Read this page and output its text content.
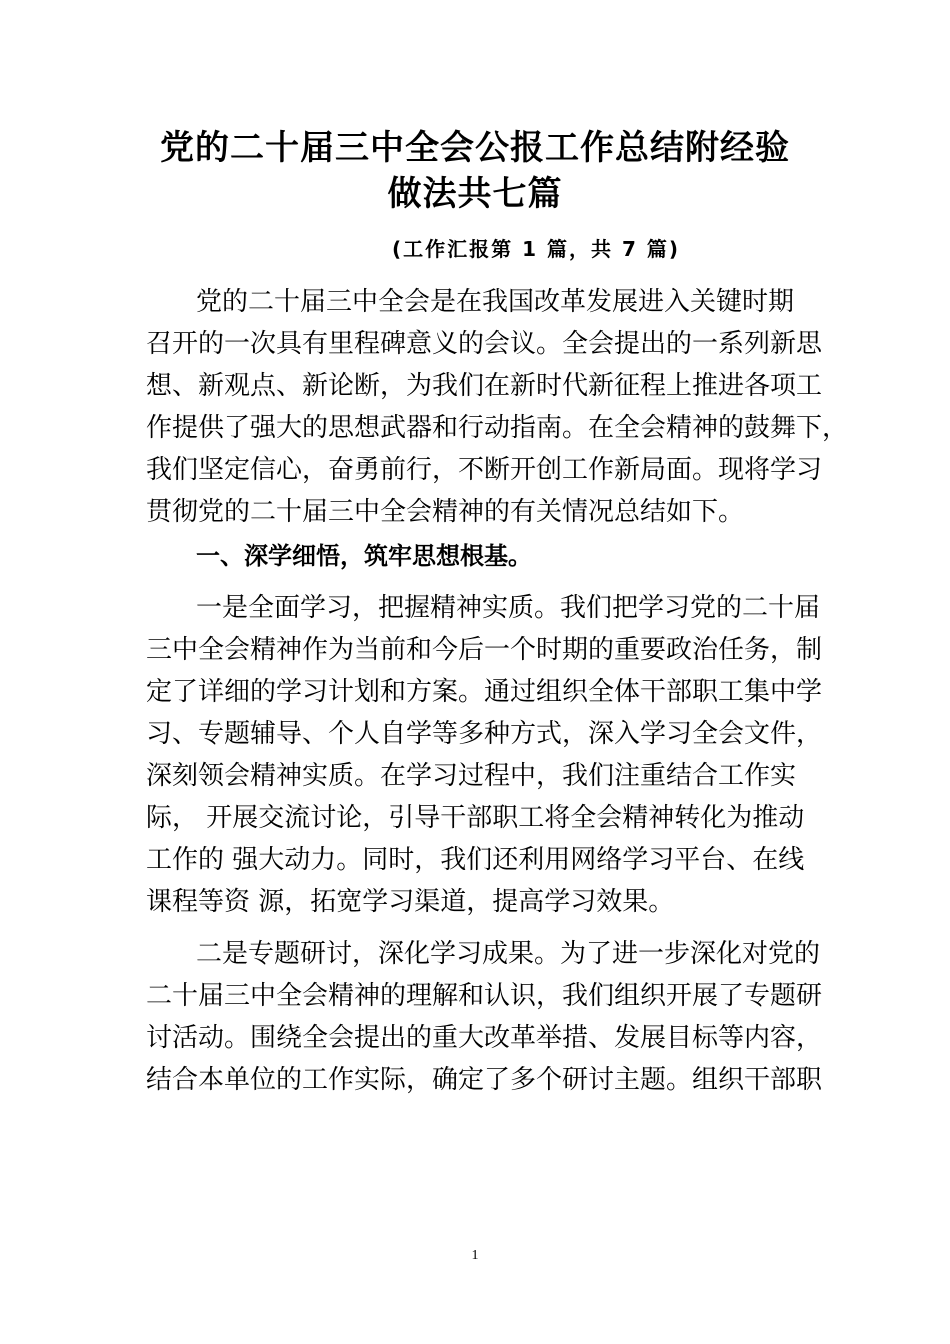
党的二十届三中全会公报工作总结附经验
做法共七篇

(工作汇报第 1 篇，共 7 篇)

党的二十届三中全会是在我国改革发展进入关键时期

召开的一次具有里程碑意义的会议。全会提出的一系列新思

想、新观点、新论断，为我们在新时代新征程上推进各项工

作提供了强大的思想武器和行动指南。在全会精神的鼓舞下，

我们坚定信心，奋勇前行，不断开创工作新局面。现将学习

贯彻党的二十届三中全会精神的有关情况总结如下。

一、深学细悟，筑牢思想根基。

一是全面学习，把握精神实质。我们把学习党的二十届

三中全会精神作为当前和今后一个时期的重要政治任务，制

定了详细的学习计划和方案。通过组织全体干部职工集中学

习、专题辅导、个人自学等多种方式，深入学习全会文件，

深刻领会精神实质。在学习过程中，我们注重结合工作实

际， 开展交流讨论，引导干部职工将全会精神转化为推动

工作的 强大动力。同时，我们还利用网络学习平台、在线

课程等资 源，拓宽学习渠道，提高学习效果。

二是专题研讨，深化学习成果。为了进一步深化对党的

二十届三中全会精神的理解和认识，我们组织开展了专题研

讨活动。围绕全会提出的重大改革举措、发展目标等内容，

结合本单位的工作实际，确定了多个研讨主题。组织干部职

1
